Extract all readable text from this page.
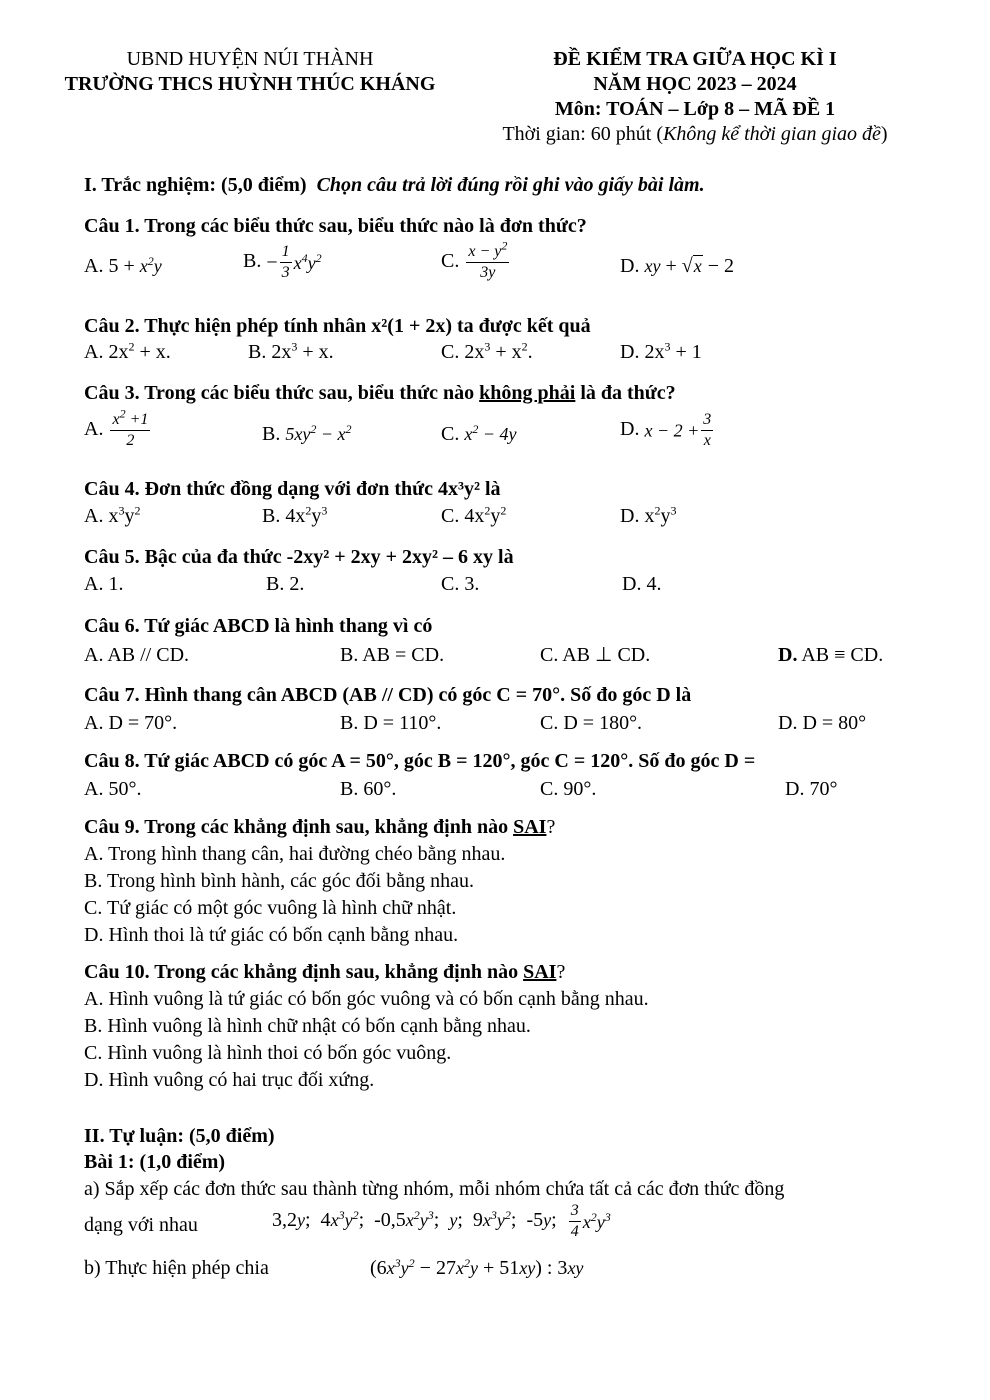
UBND HUYỆN NÚI THÀNH
TRƯỜNG THCS HUỲNH THÚC KHÁNG
ĐỀ KIỂM TRA GIỮA HỌC KÌ I
NĂM HỌC 2023 – 2024
Môn: TOÁN – Lớp 8 – MÃ ĐỀ 1
Thời gian: 60 phút (Không kể thời gian giao đề)
I. Trắc nghiệm: (5,0 điểm) Chọn câu trả lời đúng rồi ghi vào giấy bài làm.
Câu 1. Trong các biểu thức sau, biểu thức nào là đơn thức?
A. $5 + x^2y$	B. − $\frac{1}{3} x^4y^2$	C. $\frac{x - y^2}{3y}$	D. xy + √x − 2
Câu 2. Thực hiện phép tính nhân x²(1 + 2x) ta được kết quả
A. $2x^2 + x$.	B. $2x^3 + x$.	C. $2x^3 + x^2$.	D. $2x^3 + 1$
Câu 3. Trong các biểu thức sau, biểu thức nào không phải là đa thức?
A. $\frac{x^2 +1}{2}$	B. $5xy^2 - x^2$	C. $x^2 - 4y$	D. $x - 2 + \frac{3}{x}$
Câu 4. Đơn thức đồng dạng với đơn thức 4x³y² là
A. $x^3y^2$	B. $4x^2y^3$	C. $4x^2y^2$	D. $x^2y^3$
Câu 5. Bậc của đa thức -2xy² + 2xy + 2xy² – 6 xy là
A. 1.	B. 2.	C. 3.	D. 4.
Câu 6. Tứ giác ABCD là hình thang vì có
A. AB // CD.	B. AB = CD.	C. AB ⊥ CD.	D. AB ≡ CD.
Câu 7. Hình thang cân ABCD (AB // CD) có góc C = 70°. Số đo góc D là
A. D = 70°.	B. D = 110°.	C. D = 180°.	D. D = 80°
Câu 8. Tứ giác ABCD có góc A = 50°, góc B = 120°, góc C = 120°. Số đo góc D =
A. 50°.	B. 60°.	C. 90°.	D. 70°
Câu 9. Trong các khẳng định sau, khẳng định nào SAI?
A. Trong hình thang cân, hai đường chéo bằng nhau.
B. Trong hình bình hành, các góc đối bằng nhau.
C. Tứ giác có một góc vuông là hình chữ nhật.
D. Hình thoi là tứ giác có bốn cạnh bằng nhau.
Câu 10. Trong các khẳng định sau, khẳng định nào SAI?
A. Hình vuông là tứ giác có bốn góc vuông và có bốn cạnh bằng nhau.
B. Hình vuông là hình chữ nhật có bốn cạnh bằng nhau.
C. Hình vuông là hình thoi có bốn góc vuông.
D. Hình vuông có hai trục đối xứng.
II. Tự luận: (5,0 điểm)
Bài 1: (1,0 điểm)
a) Sắp xếp các đơn thức sau thành từng nhóm, mỗi nhóm chứa tất cả các đơn thức đồng
dạng với nhau	3,2y;  $4x^3y^2$;  $-0,5x^2y^3$;  y;  $9x^3y^2$;  -5y; $\frac{3}{4} x^2y^3$
b) Thực hiện phép chia	$(6x^3y^2 - 27x^2y + 51xy)$ : 3xy
